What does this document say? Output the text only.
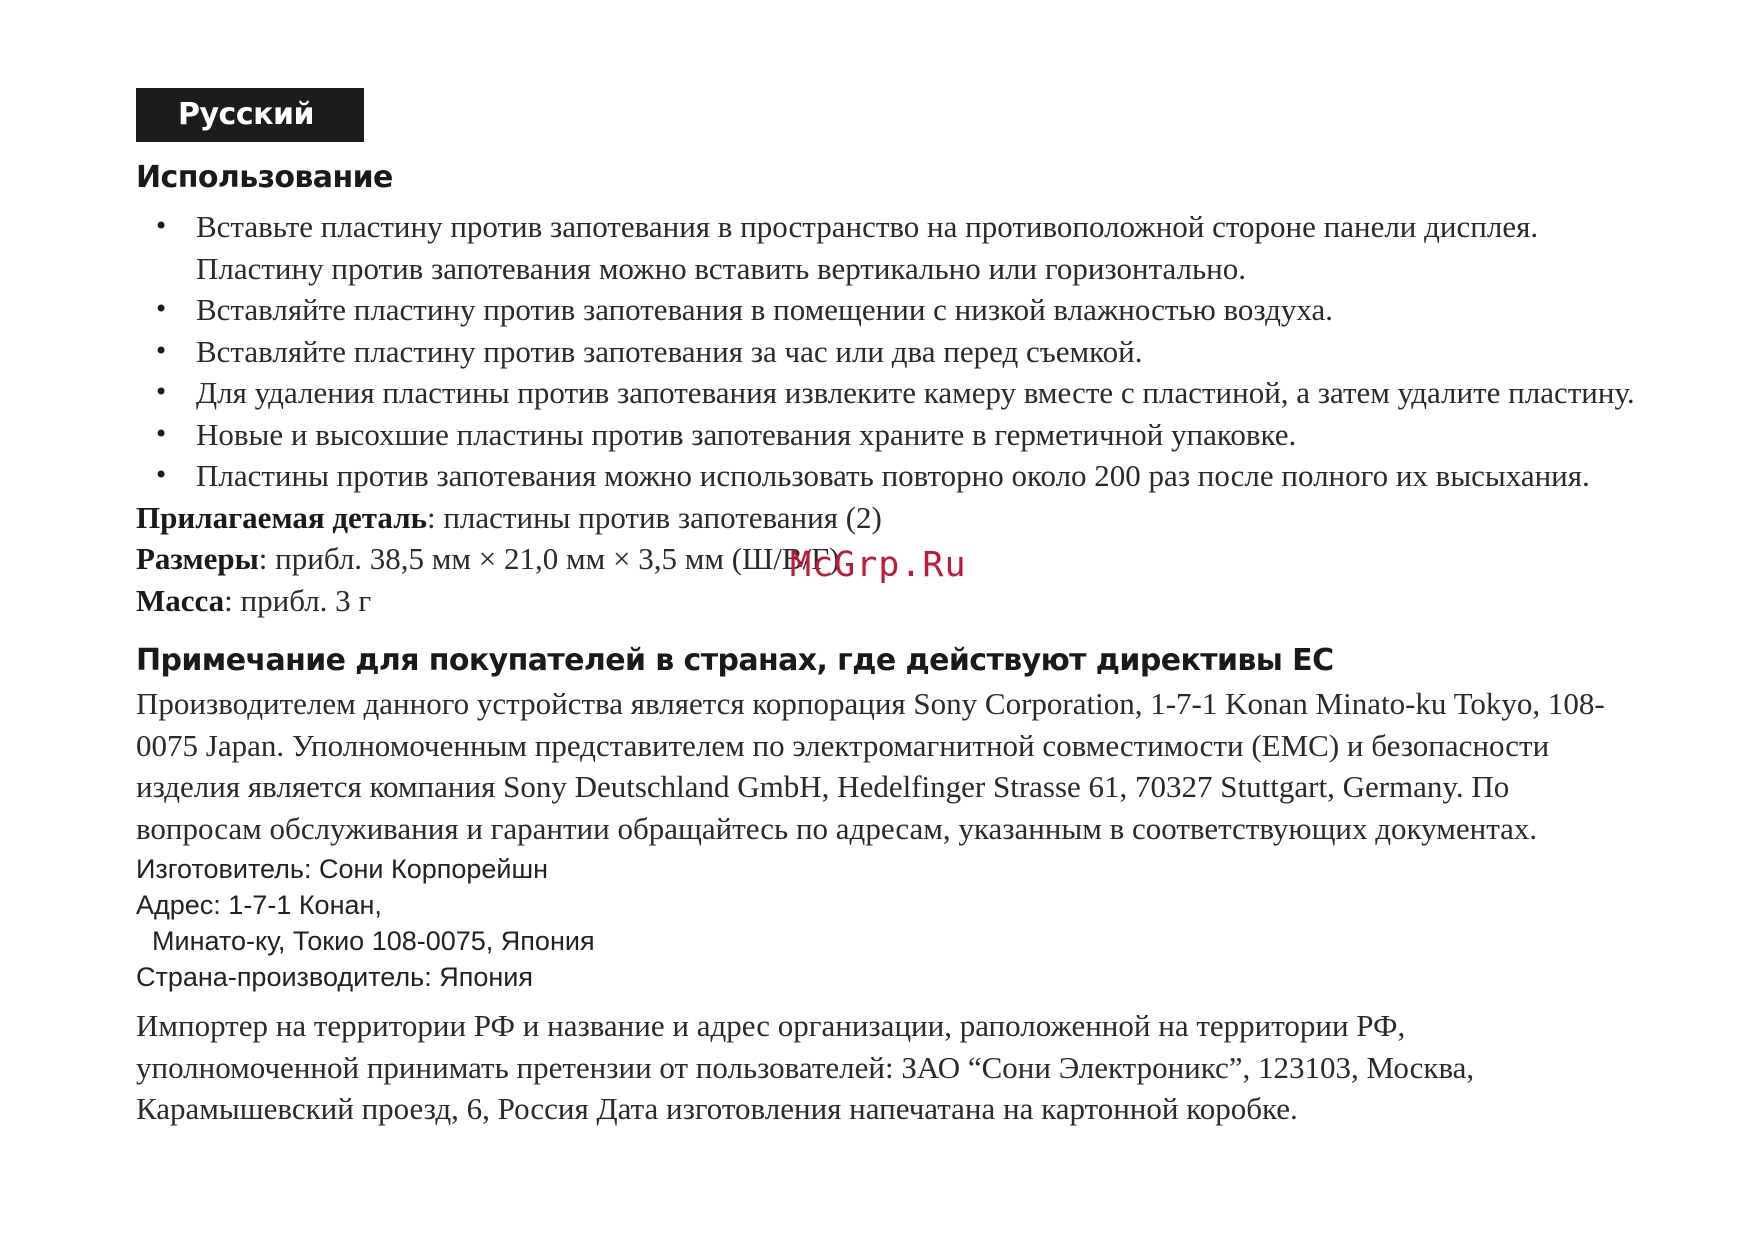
Русский
Использование
• Вставьте пластину против запотевания в пространство на противоположной стороне панели дисплея. Пластину против запотевания можно вставить вертикально или горизонтально.
• Вставляйте пластину против запотевания в помещении с низкой влажностью воздуха.
• Вставляйте пластину против запотевания за час или два перед съемкой.
• Для удаления пластины против запотевания извлеките камеру вместе с пластиной, а затем удалите пластину.
• Новые и высохшие пластины против запотевания храните в герметичной упаковке.
• Пластины против запотевания можно использовать повторно около 200 раз после полного их высыхания.
Прилагаемая деталь: пластины против запотевания (2)
Размеры: прибл. 38,5 мм × 21,0 мм × 3,5 мм (Ш/В/Г)
McGrp.Ru
Масса: прибл. 3 г
Примечание для покупателей в странах, где действуют директивы ЕС

Производителем данного устройства является корпорация Sony Corporation, 1-7-1 Konan Minato-ku Tokyo, 108-0075 Japan. Уполномоченным представителем по электромагнитной совместимости (EMC) и безопасности изделия является компания Sony Deutschland GmbH, Hedelfinger Strasse 61, 70327 Stuttgart, Germany. По вопросам обслуживания и гарантии обращайтесь по адресам, указанным в соответствующих документах.

Изготовитель: Сони Корпорейшн
Адрес: 1-7-1 Конан,
Минато-ку, Токио 108-0075, Япония
Страна-производитель: Япония

Импортер на территории РФ и название и адрес организации, раположенной на территории РФ, уполномоченной принимать претензии от пользователей: ЗАО “Сони Электроникс”, 123103, Москва, Карамышевский проезд, 6, Россия Дата изготовления напечатана на картонной коробке.
